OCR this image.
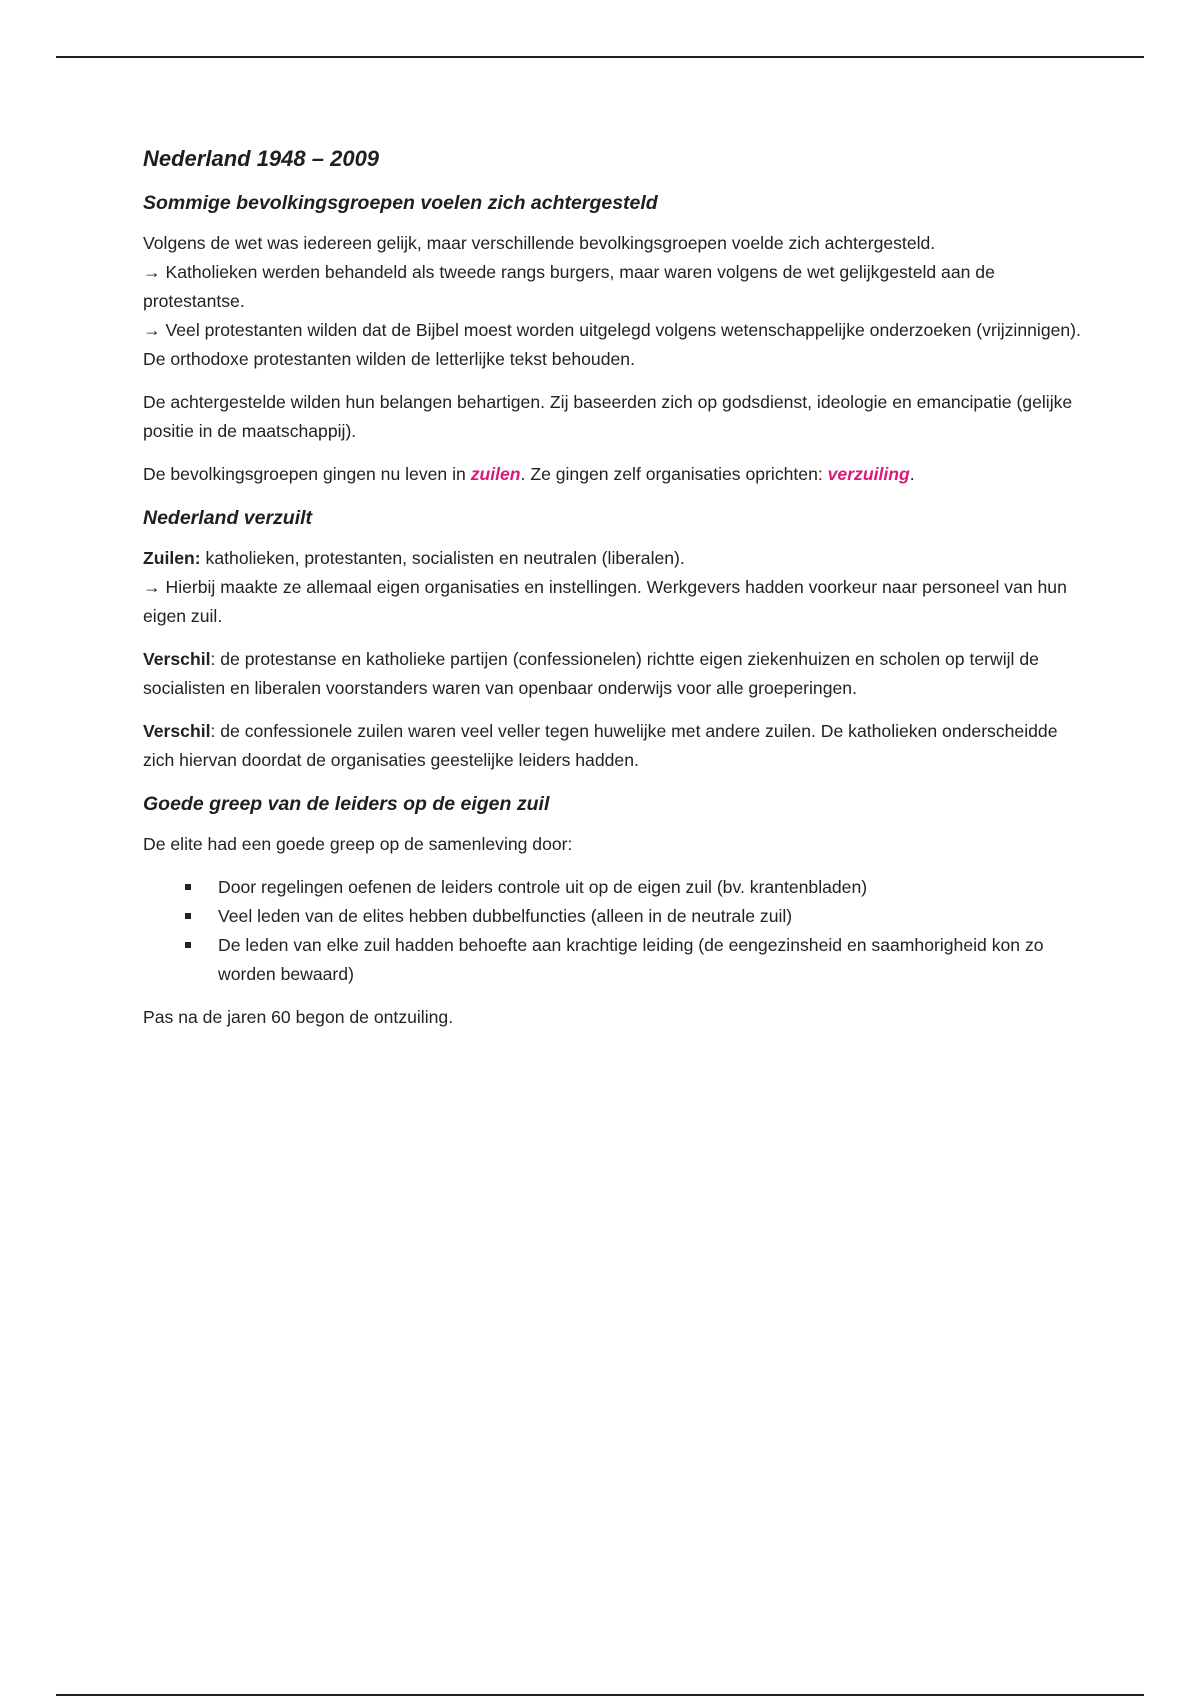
Nederland 1948 – 2009
Sommige bevolkingsgroepen voelen zich achtergesteld

Volgens de wet was iedereen gelijk, maar verschillende bevolkingsgroepen voelde zich achtergesteld.
→ Katholieken werden behandeld als tweede rangs burgers, maar waren volgens de wet gelijkgesteld aan de protestantse.
→ Veel protestanten wilden dat de Bijbel moest worden uitgelegd volgens wetenschappelijke onderzoeken (vrijzinnigen). De orthodoxe protestanten wilden de letterlijke tekst behouden.

De achtergestelde wilden hun belangen behartigen. Zij baseerden zich op godsdienst, ideologie en emancipatie (gelijke positie in de maatschappij).

De bevolkingsgroepen gingen nu leven in zuilen. Ze gingen zelf organisaties oprichten: verzuiling.

Nederland verzuilt

Zuilen: katholieken, protestanten, socialisten en neutralen (liberalen).
→ Hierbij maakte ze allemaal eigen organisaties en instellingen. Werkgevers hadden voorkeur naar personeel van hun eigen zuil.

Verschil: de protestanse en katholieke partijen (confessionelen) richtte eigen ziekenhuizen en scholen op terwijl de socialisten en liberalen voorstanders waren van openbaar onderwijs voor alle groeperingen.

Verschil: de confessionele zuilen waren veel veller tegen huwelijke met andere zuilen. De katholieken onderscheidde zich hiervan doordat de organisaties geestelijke leiders hadden.

Goede greep van de leiders op de eigen zuil

De elite had een goede greep op de samenleving door:

Door regelingen oefenen de leiders controle uit op de eigen zuil (bv. krantenbladen)
Veel leden van de elites hebben dubbelfuncties (alleen in de neutrale zuil)
De leden van elke zuil hadden behoefte aan krachtige leiding (de eengezinsheid en saamhorigheid kon zo worden bewaard)

Pas na de jaren 60 begon de ontzuiling.
